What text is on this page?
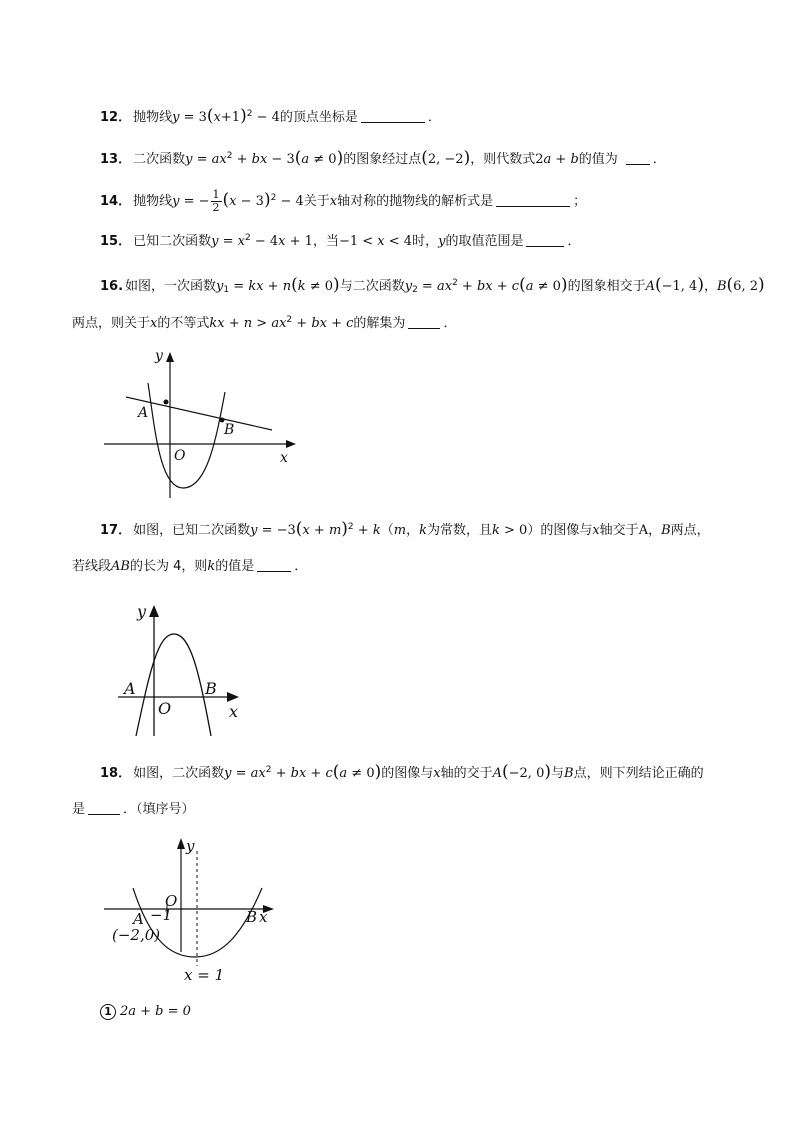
12． 抛物线$y = 3(x+1)^2 - 4$的顶点坐标是	．
13． 二次函数$y = ax^2$ + bx − 3(a ≠ 0)的图象经过点(2, −2)，则代数式2a + b的值为	．
14． 抛物线y = − $\frac{1}{2} (x - 3)^2 - 4$关于x轴对称的抛物线的解析式是	；
15． 已知二次函数$y = x^2 - 4x + 1$，当−1 < x < 4时，y的取值范围是	．
16. 如图，一次函数$y_1$ = kx + n(k ≠ 0)与二次函数$y_2 = ax^2$ + bx + c(a ≠ 0)的图象相交于A(−1, 4)，B(6, 2)
两点，则关于x的不等式kx + $n > ax^2$ + bx + c的解集为	．
y
x
O
A
B
17． 如图，已知二次函数$y = -3(x + m)^2 + k(m$，k为常数，且k > 0）的图像与x轴交于A，B两点，
若线段AB的长为 4，则k的值是	．
y
x
O
A	B
18． 如图，二次函数$y = ax^2$ + bx + c(a ≠ 0)的图像与x轴的交于A(−2, 0)与B点，则下列结论正确的
是	．（填序号）
y
x
O
−1
A	B
(−2,0)
x = 1
1 2a + b = 0
